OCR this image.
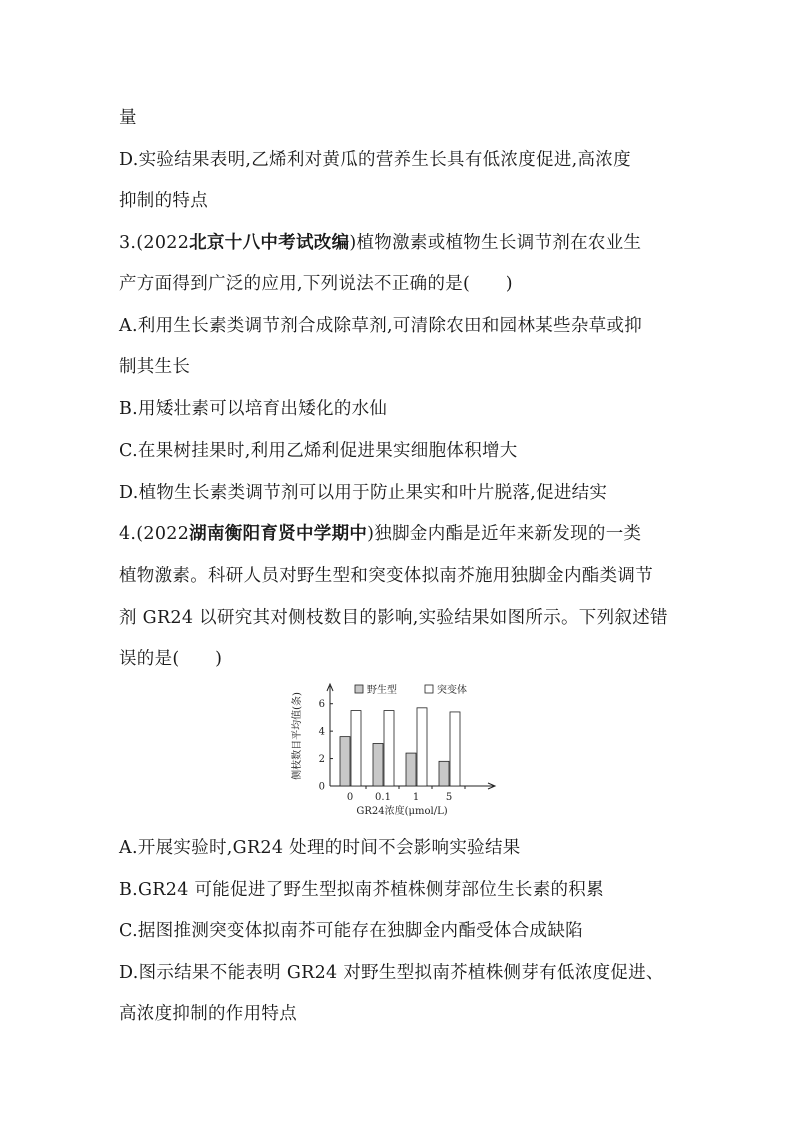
量
D.实验结果表明,乙烯利对黄瓜的营养生长具有低浓度促进,高浓度
抑制的特点
3.(2022北京十八中考试改编)植物激素或植物生长调节剂在农业生
产方面得到广泛的应用,下列说法不正确的是(　　)
A.利用生长素类调节剂合成除草剂,可清除农田和园林某些杂草或抑
制其生长
B.用矮壮素可以培育出矮化的水仙
C.在果树挂果时,利用乙烯利促进果实细胞体积增大
D.植物生长素类调节剂可以用于防止果实和叶片脱落,促进结实
4.(2022湖南衡阳育贤中学期中)独脚金内酯是近年来新发现的一类
植物激素。科研人员对野生型和突变体拟南芥施用独脚金内酯类调节
剂 GR24 以研究其对侧枝数目的影响,实验结果如图所示。下列叙述错
误的是(　　)
侧枝数目平均值(条)
0
2
4
6
0 0.1 1	5
GR24浓度(μmol/L)
野生型	突变体
A.开展实验时,GR24 处理的时间不会影响实验结果
B.GR24 可能促进了野生型拟南芥植株侧芽部位生长素的积累
C.据图推测突变体拟南芥可能存在独脚金内酯受体合成缺陷
D.图示结果不能表明 GR24 对野生型拟南芥植株侧芽有低浓度促进、
高浓度抑制的作用特点
